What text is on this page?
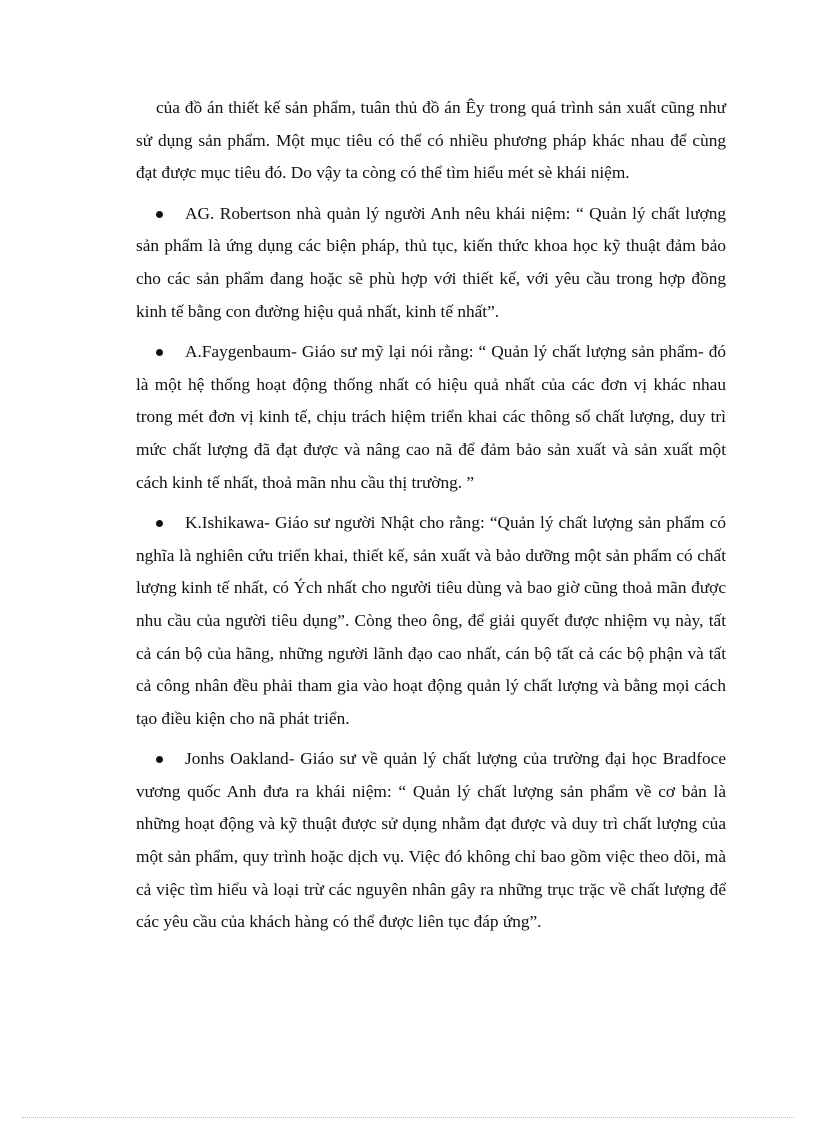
của đồ án thiết kế sản phẩm, tuân thủ đồ án Êy trong quá trình sản xuất cũng như sử dụng sản phẩm. Một mục tiêu có thể có nhiều phương pháp khác nhau để cùng đạt được mục tiêu đó. Do vậy ta còng có thể tìm hiểu mét sè khái niệm.

AG. Robertson nhà quản lý người Anh nêu khái niệm: “ Quản lý chất lượng sản phẩm là ứng dụng các biện pháp, thủ tục, kiến thức khoa học kỹ thuật đảm bảo cho các sản phẩm đang hoặc sẽ phù hợp với thiết kế, với yêu cầu trong hợp đồng kinh tế bằng con đường hiệu quả nhất, kinh tế nhất”.

A.Faygenbaum- Giáo sư mỹ lại nói rằng: “ Quản lý chất lượng sản phẩm- đó là một hệ thống hoạt động thống nhất có hiệu quả nhất của các đơn vị khác nhau trong mét đơn vị kinh tế, chịu trách hiệm triển khai các thông số chất lượng, duy trì mức chất lượng đã đạt được và nâng cao nã để đảm bảo sản xuất và sản xuất một cách kinh tế nhất, thoả mãn nhu cầu thị trường. ”

K.Ishikawa- Giáo sư người Nhật cho rằng: “Quản lý chất lượng sản phẩm có nghĩa là nghiên cứu triển khai, thiết kế, sản xuất và bảo dưỡng một sản phẩm có chất lượng kinh tế nhất, có Ých nhất cho người tiêu dùng và bao giờ cũng thoả mãn được nhu cầu của người tiêu dụng”. Còng theo ông, để giải quyết được nhiệm vụ này, tất cả cán bộ của hãng, những người lãnh đạo cao nhất, cán bộ tất cả các bộ phận và tất cả công nhân đều phải tham gia vào hoạt động quản lý chất lượng và bằng mọi cách tạo điều kiện cho nã phát triển.

Jonhs Oakland- Giáo sư về quản lý chất lượng của trường đại học Bradfoce vương quốc Anh đưa ra khái niệm: “ Quản lý chất lượng sản phẩm về cơ bản là những hoạt động và kỹ thuật được sử dụng nhằm đạt được và duy trì chất lượng của một sản phẩm, quy trình hoặc dịch vụ. Việc đó không chỉ bao gồm việc theo dõi, mà cả việc tìm hiểu và loại trừ các nguyên nhân gây ra những trục trặc về chất lượng để các yêu cầu của khách hàng có thể được liên tục đáp ứng”.
